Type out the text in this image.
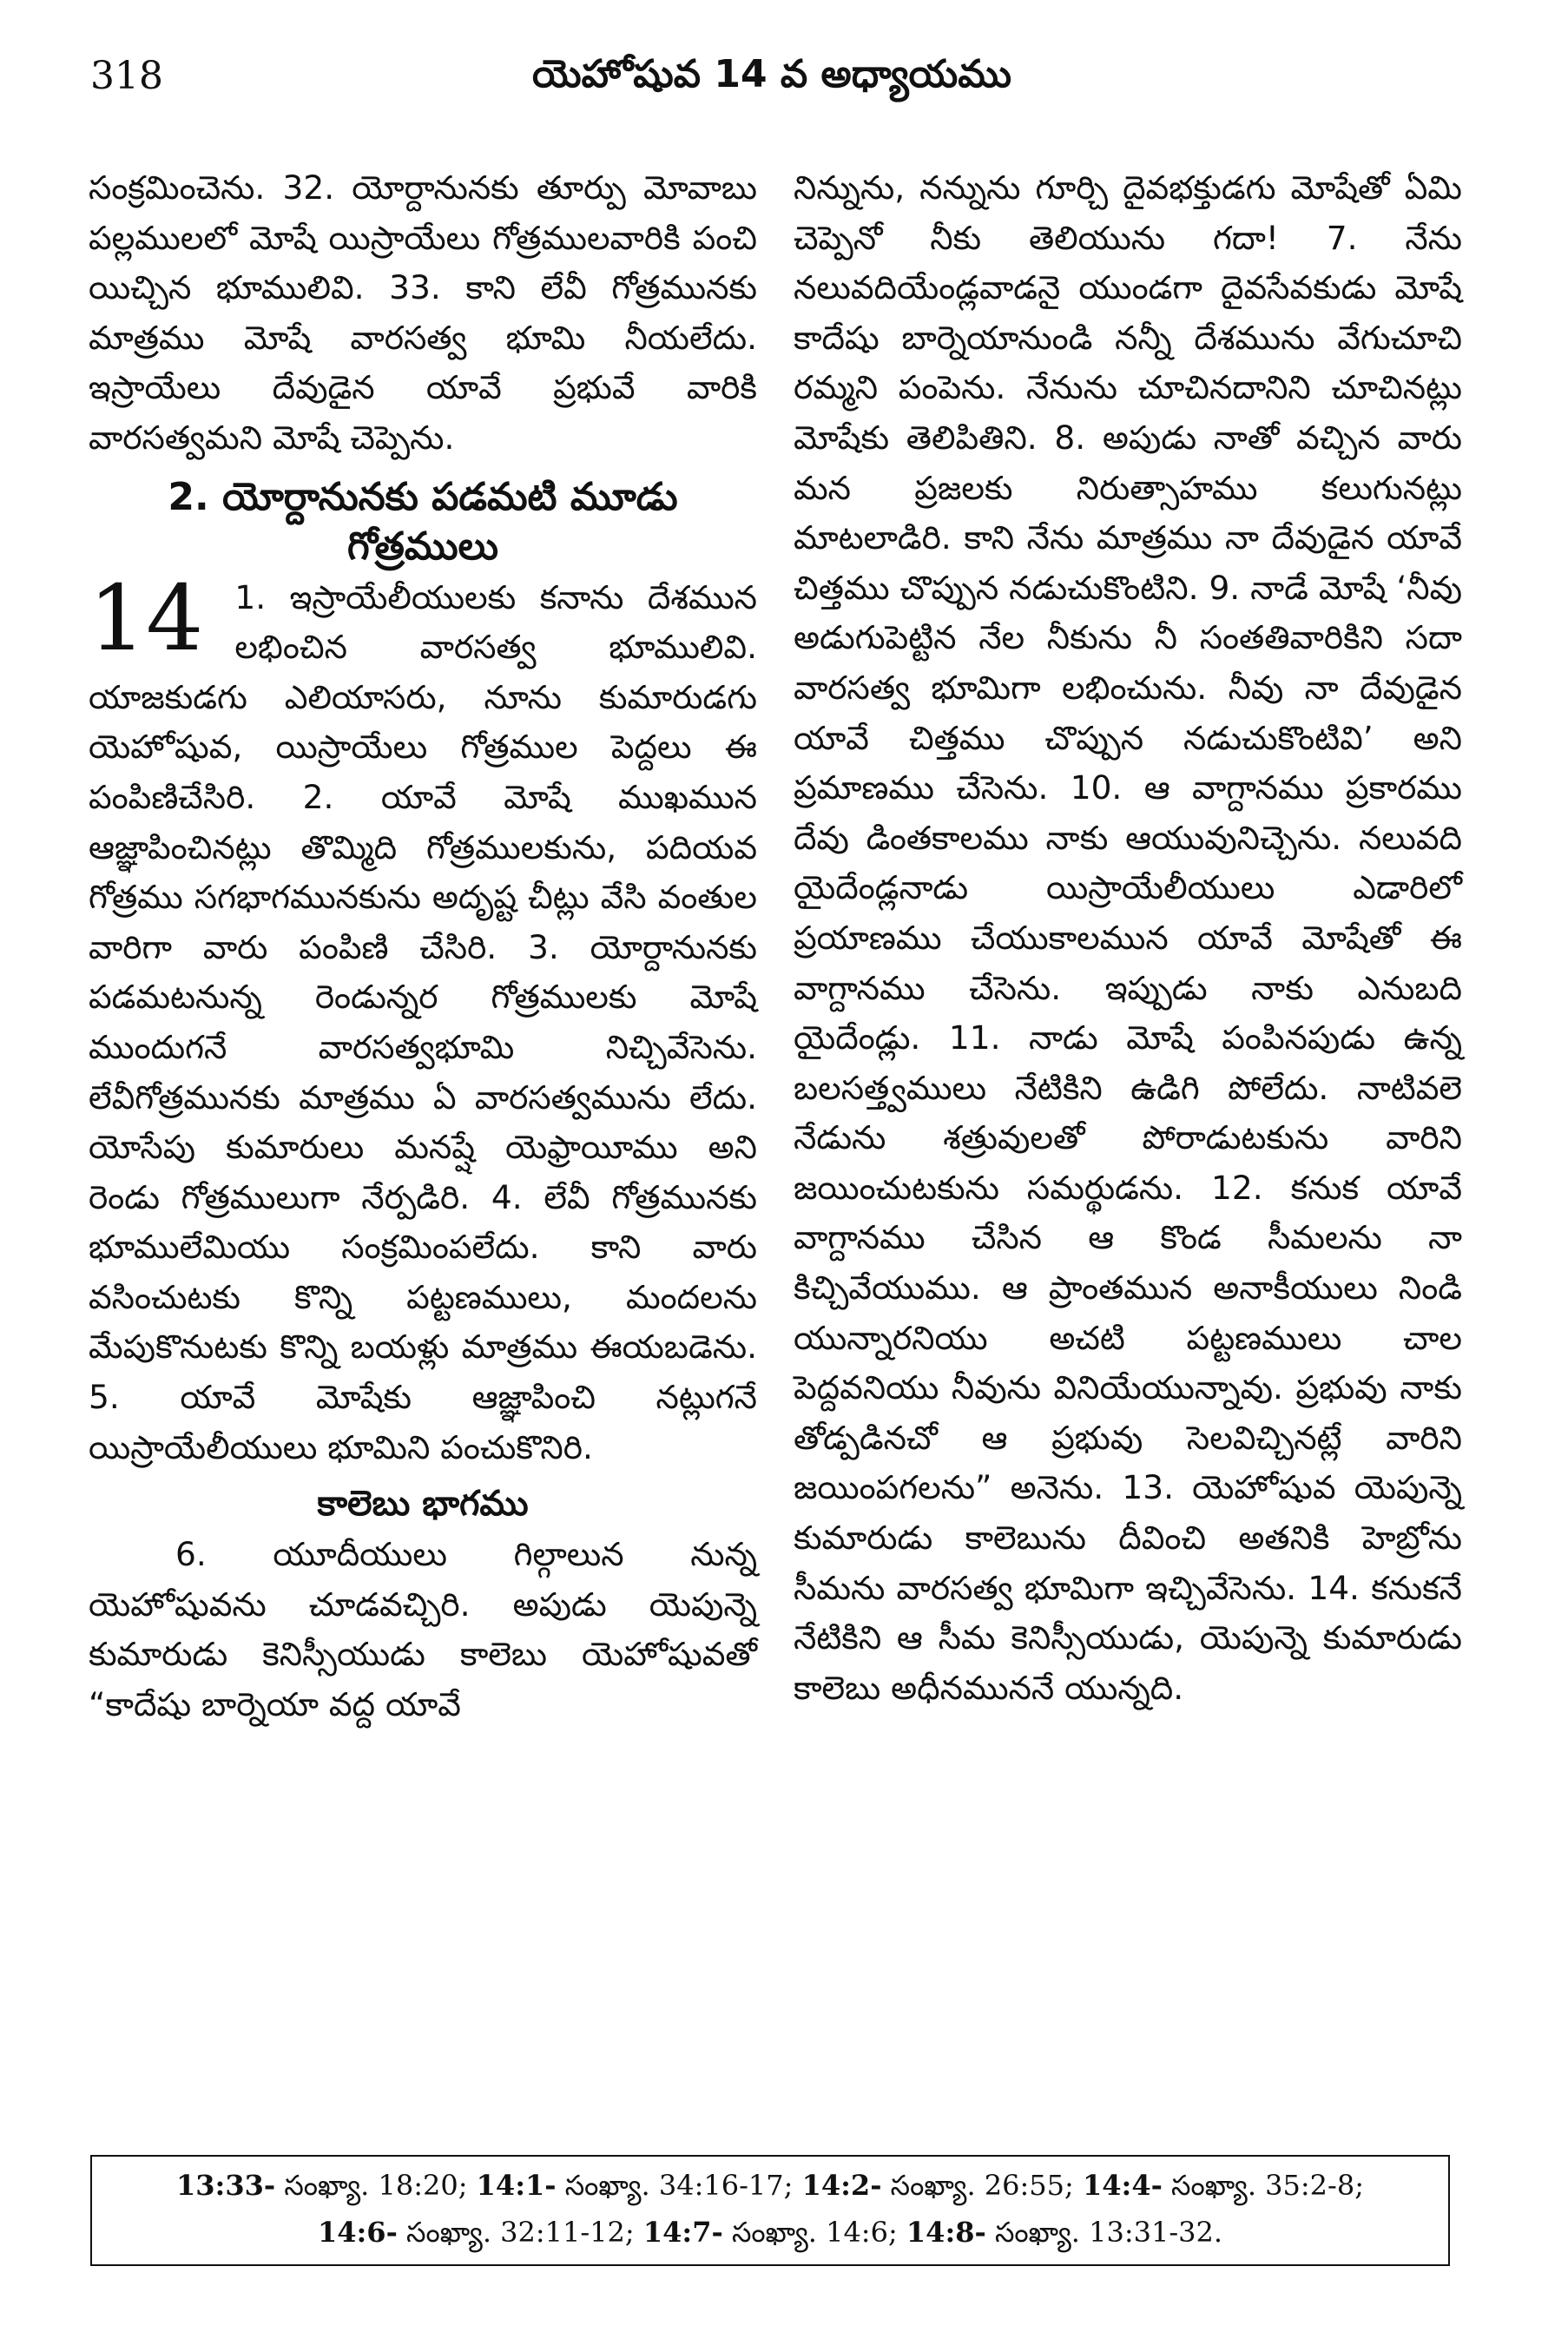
318	యెహోషువ 14 వ అధ్యాయము

సంక్రమించెను. 32. యోర్దానునకు తూర్పు మోవాబు పల్లములలో మోషే యిస్రాయేలు గోత్రములవారికి పంచి యిచ్చిన భూములివి. 33. కాని లేవీ గోత్రమునకు మాత్రము మోషే వారసత్వ భూమి నీయలేదు. ఇస్రాయేలు దేవుడైన యావే ప్రభువే వారికి వారసత్వమని మోషే చెప్పెను.

2. యోర్దానునకు పడమటి మూడు
గోత్రములు

14 1. ఇస్రాయేలీయులకు కనాను దేశమున లభించిన వారసత్వ భూములివి. యాజకుడగు ఎలియాసరు, నూను కుమారుడగు యెహోషువ, యిస్రాయేలు గోత్రముల పెద్దలు ఈ పంపిణిచేసిరి. 2. యావే మోషే ముఖమున ఆజ్ఞాపించినట్లు తొమ్మిది గోత్రములకును, పదియవ గోత్రము సగభాగమునకును అదృష్ట చీట్లు వేసి వంతుల వారిగా వారు పంపిణి చేసిరి. 3. యోర్దానునకు పడమటనున్న రెండున్నర గోత్రములకు మోషే ముందుగనే వారసత్వభూమి నిచ్చివేసెను. లేవీగోత్రమునకు మాత్రము ఏ వారసత్వమును లేదు. యోసేపు కుమారులు మనష్షే యెఫ్రాయీము అని రెండు గోత్రములుగా నేర్పడిరి. 4. లేవీ గోత్రమునకు భూములేమియు సంక్రమింపలేదు. కాని వారు వసించుటకు కొన్ని పట్టణములు, మందలను మేపుకొనుటకు కొన్ని బయళ్లు మాత్రము ఈయబడెను. 5. యావే మోషేకు ఆజ్ఞాపించి నట్లుగనే యిస్రాయేలీయులు భూమిని పంచుకొనిరి.

కాలెబు భాగము

6. యూదీయులు గిల్గాలున నున్న యెహోషువను చూడవచ్చిరి. అపుడు యెపున్నె కుమారుడు కెనిస్సీయుడు కాలెబు యెహోషువతో “కాదేషు బార్నెయా వద్ద యావే

నిన్నును, నన్నును గూర్చి దైవభక్తుడగు మోషేతో ఏమి చెప్పెనో నీకు తెలియును గదా! 7. నేను నలువదియేండ్లవాడనై యుండగా దైవసేవకుడు మోషే కాదేషు బార్నెయానుండి నన్నీ దేశమును వేగుచూచి రమ్మని పంపెను. నేనును చూచినదానిని చూచినట్లు మోషేకు తెలిపితిని. 8. అపుడు నాతో వచ్చిన వారు మన ప్రజలకు నిరుత్సాహము కలుగునట్లు మాటలాడిరి. కాని నేను మాత్రము నా దేవుడైన యావే చిత్తము చొప్పున నడుచుకొంటిని. 9. నాడే మోషే ‘నీవు అడుగుపెట్టిన నేల నీకును నీ సంతతివారికిని సదా వారసత్వ భూమిగా లభించును. నీవు నా దేవుడైన యావే చిత్తము చొప్పున నడుచుకొంటివి’ అని ప్రమాణము చేసెను. 10. ఆ వాగ్దానము ప్రకారము దేవు డింతకాలము నాకు ఆయువునిచ్చెను. నలువది యైదేండ్లనాడు యిస్రాయేలీయులు ఎడారిలో ప్రయాణము చేయుకాలమున యావే మోషేతో ఈ వాగ్దానము చేసెను. ఇప్పుడు నాకు ఎనుబది యైదేండ్లు. 11. నాడు మోషే పంపినపుడు ఉన్న బలసత్త్వములు నేటికిని ఉడిగి పోలేదు. నాటివలె నేడును శత్రువులతో పోరాడుటకును వారిని జయించుటకును సమర్థుడను. 12. కనుక యావే వాగ్దానము చేసిన ఆ కొండ సీమలను నా కిచ్చివేయుము. ఆ ప్రాంతమున అనాకీయులు నిండి యున్నారనియు అచటి పట్టణములు చాల పెద్దవనియు నీవును వినియేయున్నావు. ప్రభువు నాకు తోడ్పడినచో ఆ ప్రభువు సెలవిచ్చినట్లే వారిని జయింపగలను” అనెను. 13. యెహోషువ యెపున్నె కుమారుడు కాలెబును దీవించి అతనికి హెబ్రోను సీమను వారసత్వ భూమిగా ఇచ్చివేసెను. 14. కనుకనే నేటికిని ఆ సీమ కెనిస్సీయుడు, యెపున్నె కుమారుడు కాలెబు అధీనముననే యున్నది.

13:33- సంఖ్యా. 18:20; 14:1- సంఖ్యా. 34:16-17; 14:2- సంఖ్యా. 26:55; 14:4- సంఖ్యా. 35:2-8;
14:6- సంఖ్యా. 32:11-12; 14:7- సంఖ్యా. 14:6; 14:8- సంఖ్యా. 13:31-32.
